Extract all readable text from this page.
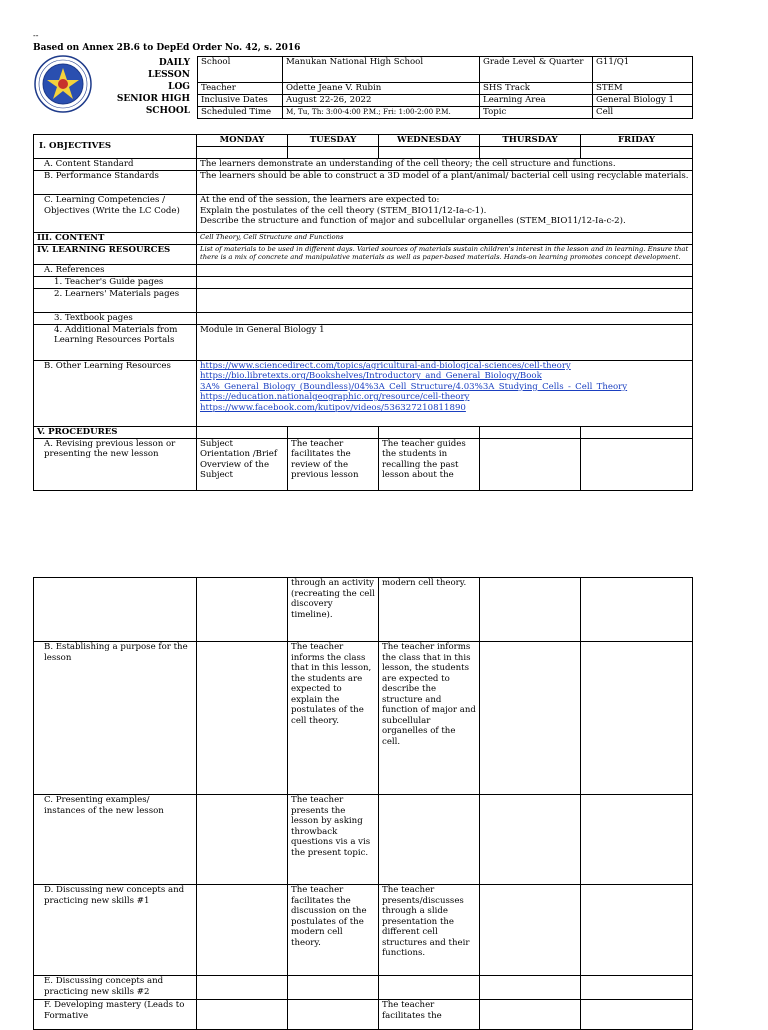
--
Based on Annex 2B.6 to DepEd Order No. 42, s. 2016
DAILY
LESSON
LOG
SENIOR HIGH SCHOOL
School	Manukan National High School	Grade Level & Quarter	G11/Q1
Teacher	Odette Jeane V. Rubin	SHS Track	STEM
Inclusive Dates	August 22-26, 2022	Learning Area	General Biology 1
Scheduled Time	M, Tu, Th: 3:00-4:00 P.M.; Fri: 1:00-2:00 P.M.	Topic	Cell
I. OBJECTIVES	MONDAY	TUESDAY	WEDNESDAY	THURSDAY	FRIDAY

A. Content Standard	The learners demonstrate an understanding of the cell theory; the cell structure and functions.				
B. Performance Standards	The learners should be able to construct a 3D model of a plant/animal/ bacterial cell using recyclable materials.				
C. Learning Competencies / Objectives (Write the LC Code)	At the end of the session, the learners are expected to:
Explain the postulates of the cell theory (STEM_BIO11/12-Ia-c-1).
Describe the structure and function of major and subcellular organelles (STEM_BIO11/12-Ia-c-2).				

III. CONTENT	Cell Theory, Cell Structure and Functions				
IV. LEARNING RESOURCES	List of materials to be used in different days. Varied sources of materials sustain children's interest in the lesson and in learning. Ensure that there is a mix of concrete and manipulative materials as well as paper-based materials. Hands-on learning promotes concept development.				
A. References					
1. Teacher's Guide pages					
2. Learners' Materials pages					
3. Textbook pages					
4. Additional Materials from Learning Resources Portals	Module in General Biology 1				
B. Other Learning Resources	https://www.sciencedirect.com/topics/agricultural-and-biological-sciences/cell-theory
https://bio.libretexts.org/Bookshelves/Introductory_and_General_Biology/Book
3A%_General_Biology_(Boundless)/04%3A_Cell_Structure/4.03%3A_Studying_Cells_-_Cell_Theory
https://education.nationalgeographic.org/resource/cell-theory
https://www.facebook.com/kutipov/videos/536327210811890				

V. PROCEDURES					
A. Revising previous lesson or presenting the new lesson	Subject Orientation /Brief Overview of the Subject	The teacher facilitates the review of the previous lesson	The teacher guides the students in recalling the past lesson about the		
		through an activity (recreating the cell discovery timeline).	modern cell theory.		
B. Establishing a purpose for the lesson		The teacher informs the class that in this lesson, the students are expected to explain the postulates of the cell theory.	The teacher informs the class that in this lesson, the students are expected to describe the structure and function of major and subcellular organelles of the cell.		
C. Presenting examples/ instances of the new lesson		The teacher presents the lesson by asking throwback questions vis a vis the present topic.			
D. Discussing new concepts and practicing new skills #1		The teacher facilitates the discussion on the postulates of the modern cell theory.	The teacher presents/discusses through a slide presentation the different cell structures and their functions.		
E. Discussing concepts and practicing new skills #2					
F. Developing mastery (Leads to Formative			The teacher facilitates the		
